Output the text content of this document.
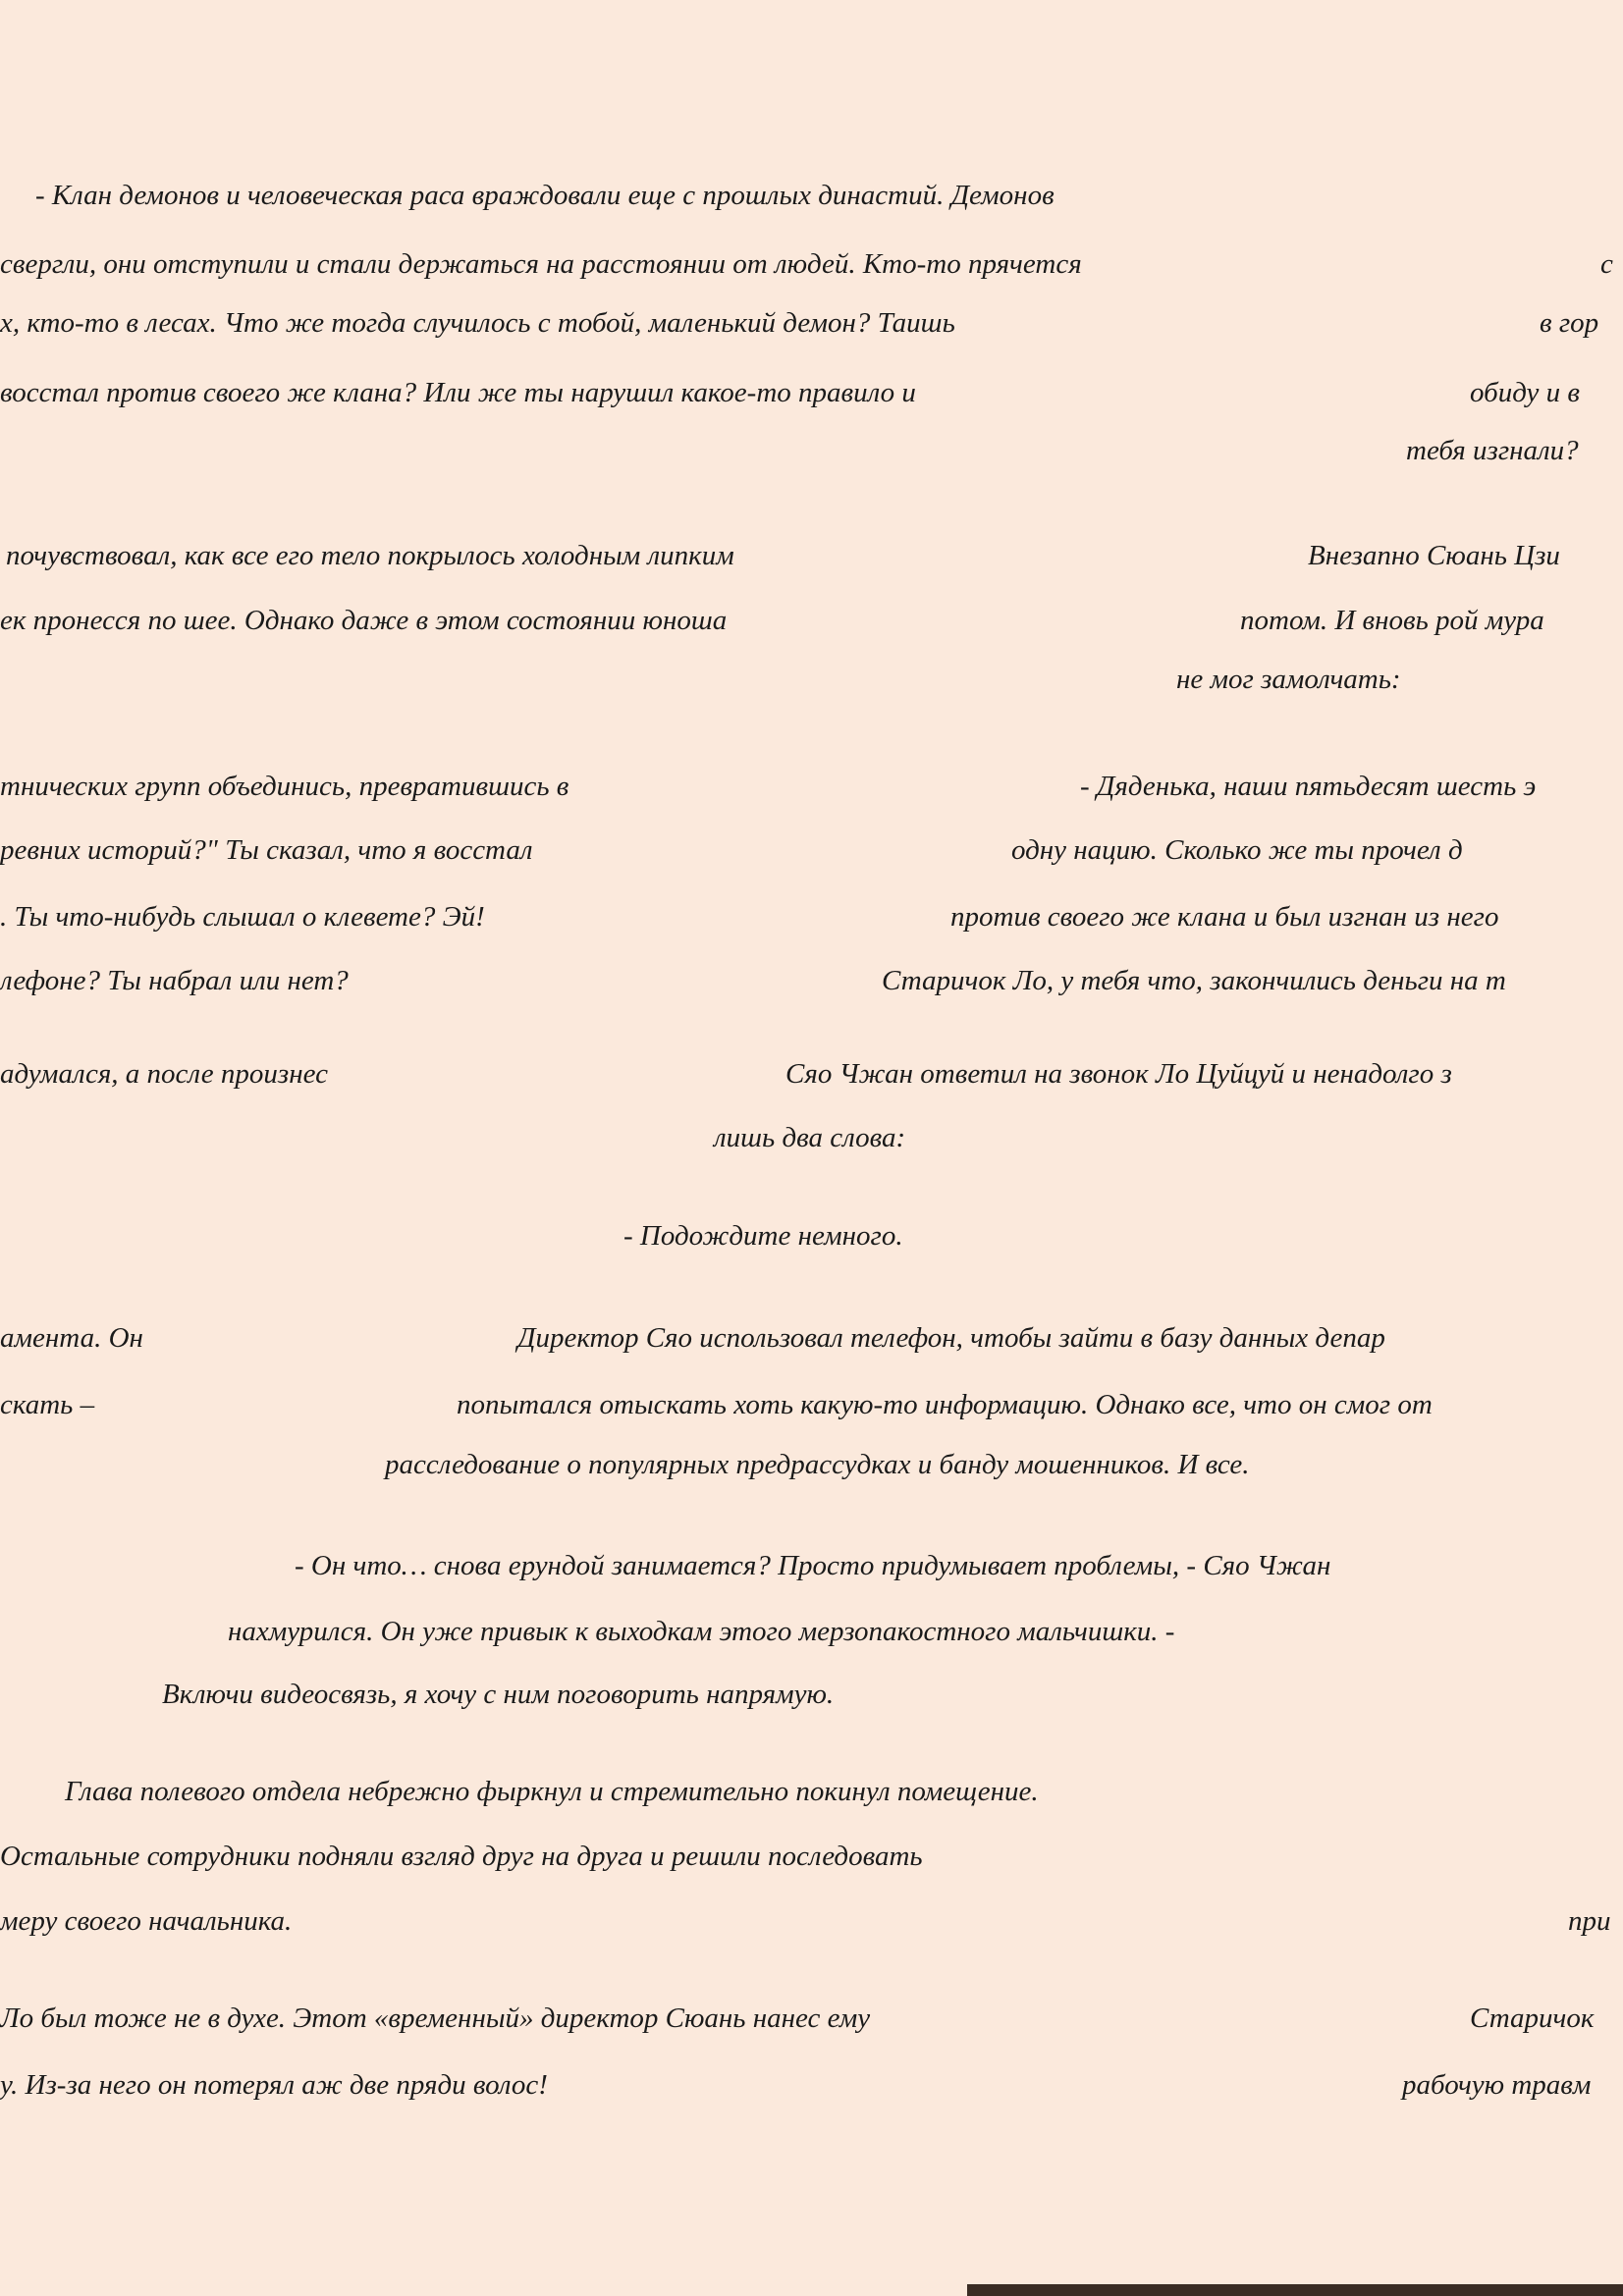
- Клан демонов и человеческая раса враждовали еще с прошлых династий. Демонов
свергли, они отступили и стали держаться на расстоянии от людей. Кто-то прячется	с
х, кто-то в лесах. Что же тогда случилось с тобой, маленький демон? Таишь	в гор
восстал против своего же клана? Или же ты нарушил какое-то правило и	обиду и в
тебя изгнали?
почувствовал, как все его тело покрылось холодным липким	Внезапно Сюань Цзи
ек пронесся по шее. Однако даже в этом состоянии юноша	потом. И вновь рой мура
не мог замолчать:
тнических групп объединись, превратившись в	- Дяденька, наши пятьдесят шесть э
ревних историй?" Ты сказал, что я восстал	одну нацию. Сколько же ты прочел д
. Ты что-нибудь слышал о клевете? Эй!	против своего же клана и был изгнан из него
лефоне? Ты набрал или нет?	Старичок Ло, у тебя что, закончились деньги на т
адумался, а после произнес	Сяо Чжан ответил на звонок Ло Цуйцуй и ненадолго з
лишь два слова:
- Подождите немного.
амента. Он	Директор Сяо использовал телефон, чтобы зайти в базу данных депар
скать –	попытался отыскать хоть какую-то информацию. Однако все, что он смог от
расследование о популярных предрассудках и банду мошенников. И все.
- Он что… снова ерундой занимается? Просто придумывает проблемы, - Сяо Чжан
нахмурился. Он уже привык к выходкам этого мерзопакостного мальчишки. -
Включи видеосвязь, я хочу с ним поговорить напрямую.
Глава полевого отдела небрежно фыркнул и стремительно покинул помещение.
Остальные сотрудники подняли взгляд друг на друга и решили последовать
меру своего начальника.	при
Ло был тоже не в духе. Этот «временный» директор Сюань нанес ему	Старичок
у. Из-за него он потерял аж две пряди волос!	рабочую травм
